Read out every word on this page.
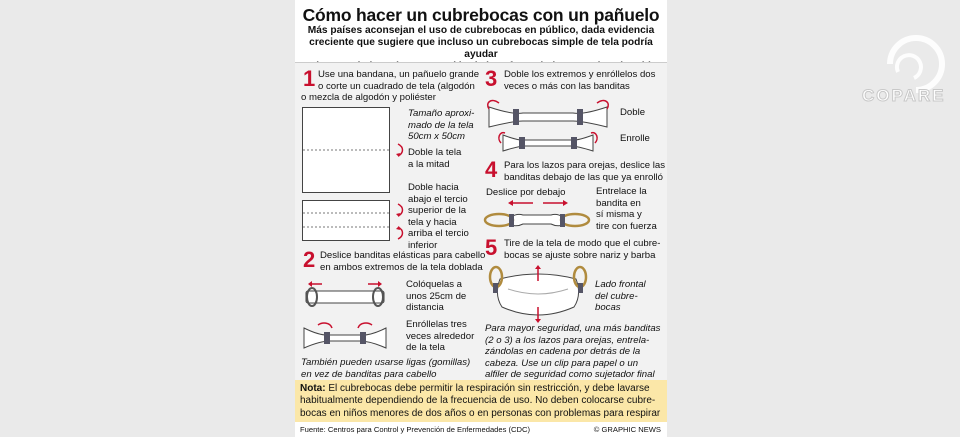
Cómo hacer un cubrebocas con un pañuelo
Más países aconsejan el uso de cubrebocas en público, dada evidencia
creciente que sugiere que incluso un cubrebocas simple de tela podría ayudar
1 Use una bandana, un pañuelo grande
o corte un cuadrado de tela (algodón
o mezcla de algodón y poliéster
Tamaño aproxi-
mado de la tela
50cm x 50cm
Doble la tela
a la mitad
Doble hacia
abajo el tercio
superior de la
tela y hacia
arriba el tercio
inferior
2 Deslice banditas elásticas para cabello
en ambos extremos de la tela doblada
Colóquelas a
unos 25cm de
distancia
Enróllelas tres
veces alrededor
de la tela
También pueden usarse ligas (gomillas)
en vez de banditas para cabello
3 Doble los extremos y enróllelos dos
veces o más con las banditas
Doble
Enrolle
4 Para los lazos para orejas, deslice las
banditas debajo de las que ya enrolló
Deslice por debajo	Entrelace la
bandita en
sí misma y
tire con fuerza
5 Tire de la tela de modo que el cubre-
bocas se ajuste sobre nariz y barba
Lado frontal
del cubre-
bocas
Para mayor seguridad, una más banditas
(2 o 3) a los lazos para orejas, entrela-
zándolas en cadena por detrás de la
cabeza. Use un clip para papel o un
alfiler de seguridad como sujetador final
Nota: El cubrebocas debe permitir la respiración sin restricción, y debe lavarse
habitualmente dependiendo de la frecuencia de uso. No deben colocarse cubre-
bocas en niños menores de dos años o en personas con problemas para respirar
Fuente: Centros para Control y Prevención de Enfermedades (CDC)	© GRAPHIC NEWS
COPARE
